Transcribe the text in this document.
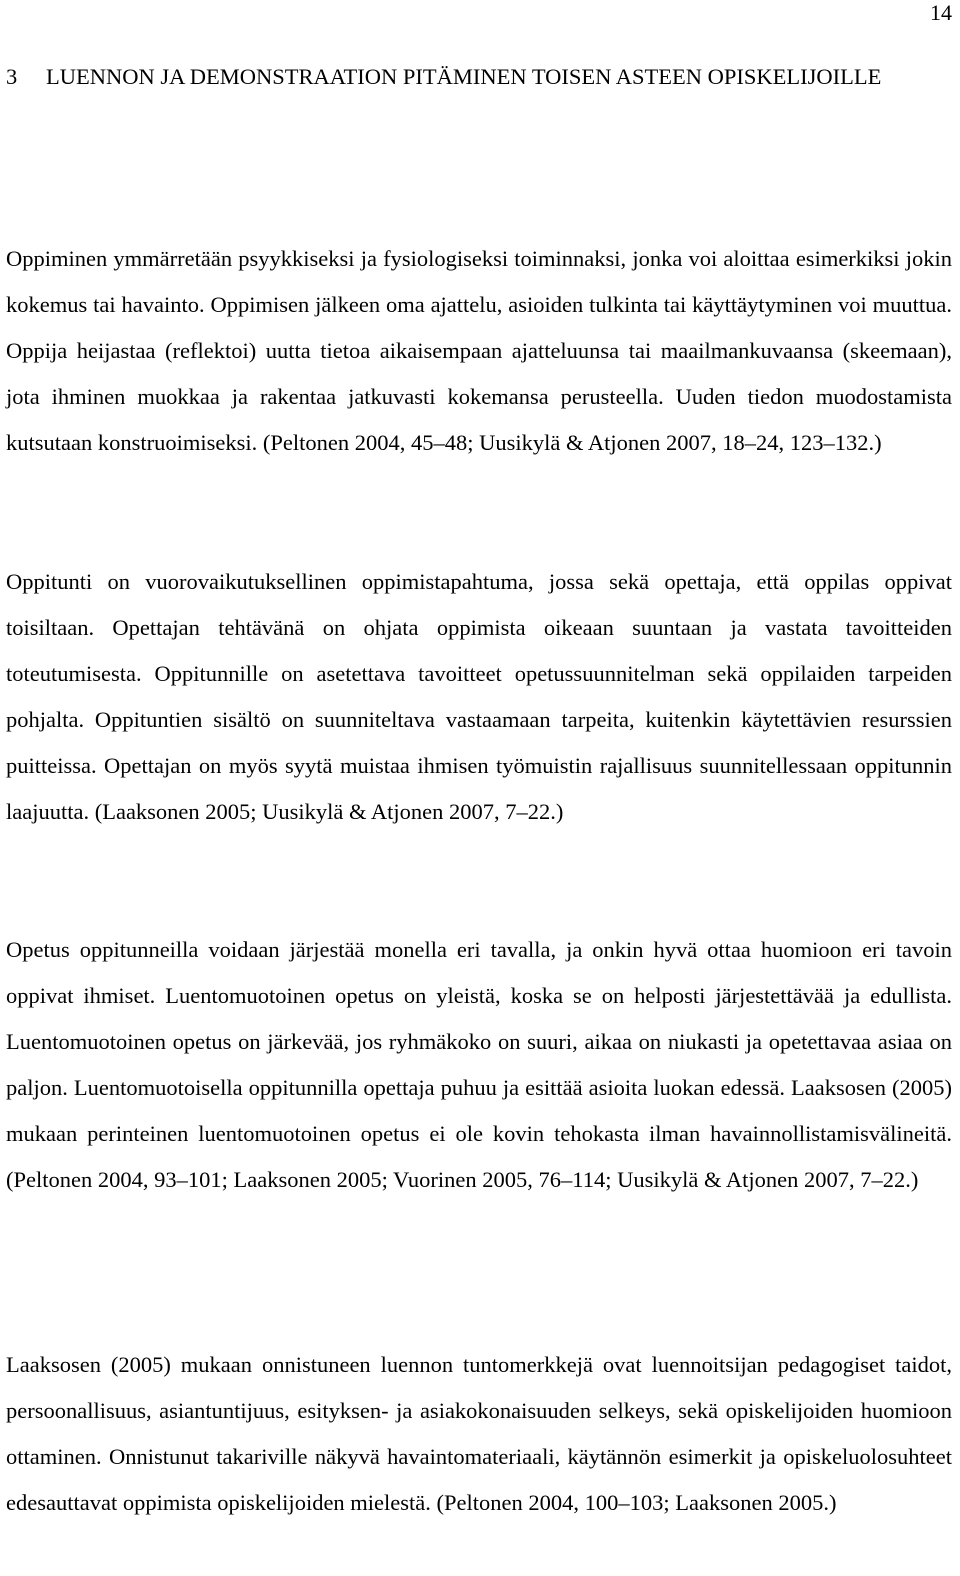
14
3	LUENNON JA DEMONSTRAATION PITÄMINEN TOISEN ASTEEN OPISKELIJOILLE

Oppiminen ymmärretään psyykkiseksi ja fysiologiseksi toiminnaksi, jonka voi aloittaa esimerkiksi jokin kokemus tai havainto. Oppimisen jälkeen oma ajattelu, asioiden tulkinta tai käyttäytyminen voi muuttua. Oppija heijastaa (reflektoi) uutta tietoa aikaisempaan ajatteluunsa tai maailmankuvaansa (skeemaan), jota ihminen muokkaa ja rakentaa jatkuvasti kokemansa perusteella. Uuden tiedon muodostamista kutsutaan konstruoimiseksi. (Peltonen 2004, 45–48; Uusikylä & Atjonen 2007, 18–24, 123–132.)

Oppitunti on vuorovaikutuksellinen oppimistapahtuma, jossa sekä opettaja, että oppilas oppivat toisiltaan. Opettajan tehtävänä on ohjata oppimista oikeaan suuntaan ja vastata tavoitteiden toteutumisesta. Oppitunnille on asetettava tavoitteet opetussuunnitelman sekä oppilaiden tarpeiden pohjalta. Oppituntien sisältö on suunniteltava vastaamaan tarpeita, kuitenkin käytettävien resurssien puitteissa. Opettajan on myös syytä muistaa ihmisen työmuistin rajallisuus suunnitellessaan oppitunnin laajuutta. (Laaksonen 2005; Uusikylä & Atjonen 2007, 7–22.)

Opetus oppitunneilla voidaan järjestää monella eri tavalla, ja onkin hyvä ottaa huomioon eri tavoin oppivat ihmiset. Luentomuotoinen opetus on yleistä, koska se on helposti järjestettävää ja edullista. Luentomuotoinen opetus on järkevää, jos ryhmäkoko on suuri, aikaa on niukasti ja opetettavaa asiaa on paljon. Luentomuotoisella oppitunnilla opettaja puhuu ja esittää asioita luokan edessä. Laaksosen (2005) mukaan perinteinen luentomuotoinen opetus ei ole kovin tehokasta ilman havainnollistamisvälineitä. (Peltonen 2004, 93–101; Laaksonen 2005; Vuorinen 2005, 76–114; Uusikylä & Atjonen 2007, 7–22.)

Laaksosen (2005) mukaan onnistuneen luennon tuntomerkkejä ovat luennoitsijan pedagogiset taidot, persoonallisuus, asiantuntijuus, esityksen- ja asiakokonaisuuden selkeys, sekä opiskelijoiden huomioon ottaminen. Onnistunut takariville näkyvä havaintomateriaali, käytännön esimerkit ja opiskeluolosuhteet edesauttavat oppimista opiskelijoiden mielestä. (Peltonen 2004, 100–103; Laaksonen 2005.)
